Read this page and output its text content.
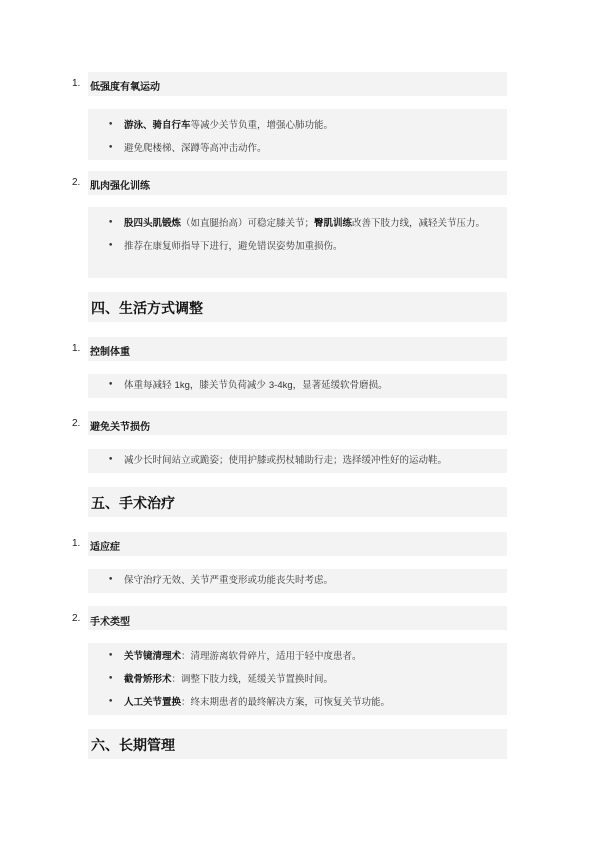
1. 低强度有氧运动
• 游泳、骑自行车等减少关节负重，增强心肺功能。
• 避免爬楼梯、深蹲等高冲击动作。
2. 肌肉强化训练
• 股四头肌锻炼（如直腿抬高）可稳定膝关节；臀肌训练改善下肢力线，减轻关节压力。
• 推荐在康复师指导下进行，避免错误姿势加重损伤。
四、生活方式调整
1. 控制体重
• 体重每减轻 1kg，膝关节负荷减少 3-4kg，显著延缓软骨磨损。
2. 避免关节损伤
• 减少长时间站立或跪姿；使用护膝或拐杖辅助行走；选择缓冲性好的运动鞋。
五、手术治疗
1. 适应症
• 保守治疗无效、关节严重变形或功能丧失时考虑。
2. 手术类型
• 关节镜清理术：清理游离软骨碎片，适用于轻中度患者。
• 截骨矫形术：调整下肢力线，延缓关节置换时间。
• 人工关节置换：终末期患者的最终解决方案，可恢复关节功能。
六、长期管理
